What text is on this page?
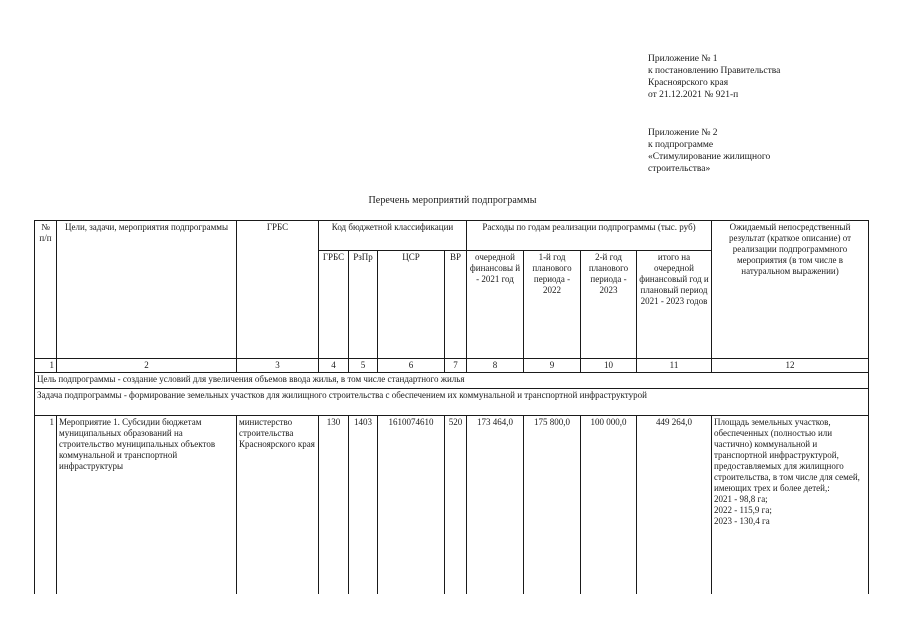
Приложение № 1
к постановлению Правительства
Красноярского края
от 21.12.2021 № 921-п
Приложение № 2
к подпрограмме
«Стимулирование жилищного
строительства»
Перечень мероприятий подпрограммы
№ п/п	Цели, задачи, мероприятия подпрограммы	ГРБС	Код бюджетной классификации				Расходы по годам реализации подпрограммы (тыс. руб)				Ожидаемый непосредственный результат (краткое описание) от реализации подпрограммного мероприятия (в том числе в натуральном выражении)
			ГРБС	РзПр	ЦСР	ВР	очередной финансовы й - 2021 год	1-й год планового периода - 2022	2-й год планового периода - 2023	итого на очередной финансовый год и плановый период 2021 - 2023 годов	
1	2	3	4	5	6	7	8	9	10	11	12
Цель подпрограммы - создание условий для увеличения объемов ввода жилья, в том числе стандартного жилья											
Задача подпрограммы - формирование земельных участков для жилищного строительства с обеспечением их коммунальной и транспортной инфраструктурой											
1	Мероприятие 1. Субсидии бюджетам муниципальных образований на строительство муниципальных объектов коммунальной и транспортной инфраструктуры	министерство строительства Красноярского края	130	1403	1610074610	520	173 464,0	175 800,0	100 000,0	449 264,0	Площадь земельных участков, обеспеченных (полностью или частично) коммунальной и транспортной инфраструктурой, предоставляемых для жилищного строительства, в том числе для семей, имеющих трех и более детей,:
2021 - 98,8 га;
2022 - 115,9 га;
2023 - 130,4 га
